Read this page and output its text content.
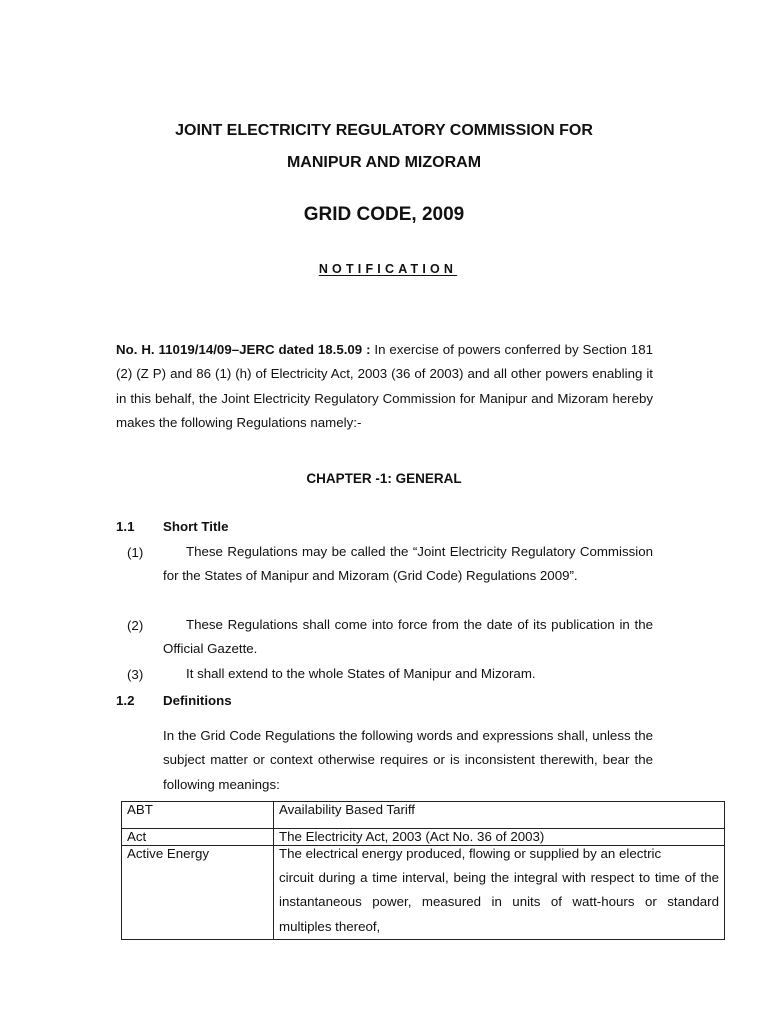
JOINT ELECTRICITY REGULATORY COMMISSION FOR
MANIPUR AND MIZORAM
GRID CODE, 2009
NOTIFICATION
No. H. 11019/14/09–JERC dated 18.5.09 : In exercise of powers conferred by Section 181 (2) (Z P) and 86 (1) (h) of Electricity Act, 2003 (36 of 2003) and all other powers enabling it in this behalf, the Joint Electricity Regulatory Commission for Manipur and Mizoram hereby makes the following Regulations namely:-
CHAPTER -1: GENERAL
1.1 Short Title
(1)	These Regulations may be called the “Joint Electricity Regulatory Commission for the States of Manipur and Mizoram (Grid Code) Regulations 2009”.
(2)	These Regulations shall come into force from the date of its publication in the Official Gazette.
(3)	It shall extend to the whole States of Manipur and Mizoram.
1.2 Definitions
In the Grid Code Regulations the following words and expressions shall, unless the subject matter or context otherwise requires or is inconsistent therewith, bear the following meanings:
ABT	Availability Based Tariff
Act	The Electricity Act, 2003 (Act No. 36 of 2003)
Active Energy	The electrical energy produced, flowing or supplied by an electric
circuit during a time interval, being the integral with respect to time of the instantaneous power, measured in units of watt-hours or standard multiples thereof,
